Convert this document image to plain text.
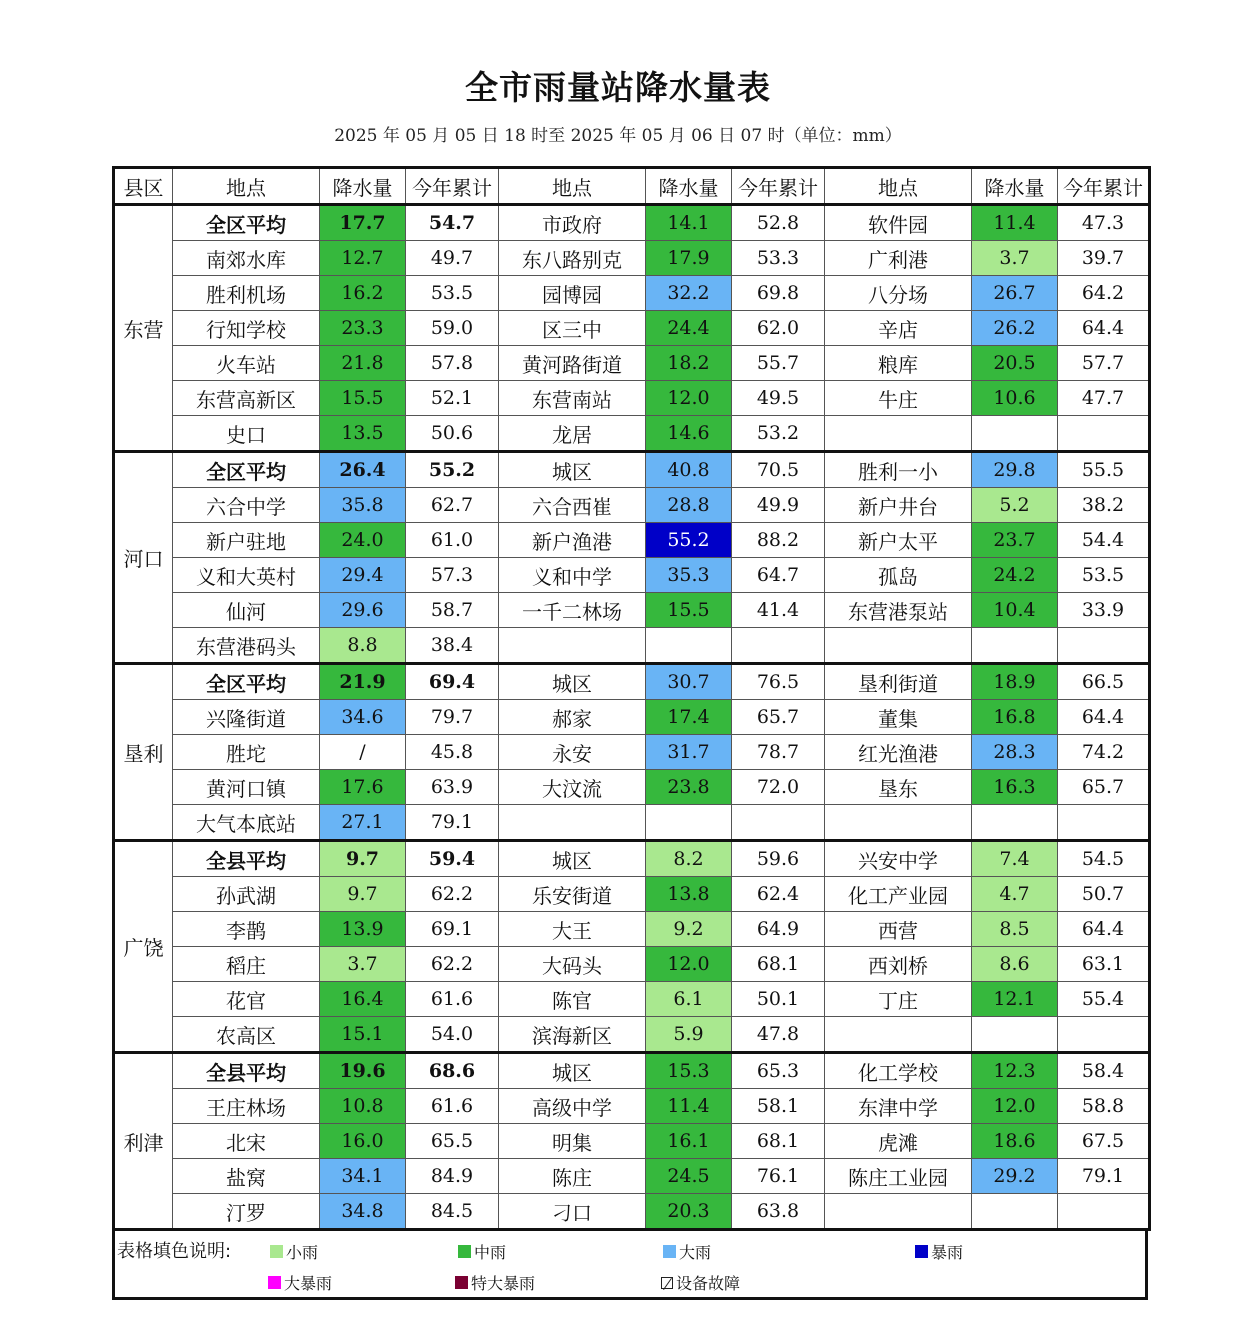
全市雨量站降水量表
2025 年 05 月 05 日 18 时至 2025 年 05 月 06 日 07 时（单位：mm）
县区	地点	降水量	今年累计	地点	降水量	今年累计	地点	降水量	今年累计
东营	全区平均	17.7	54.7	市政府	14.1	52.8	软件园	11.4	47.3
	南郊水库	12.7	49.7	东八路别克	17.9	53.3	广利港	3.7	39.7
	胜利机场	16.2	53.5	园博园	32.2	69.8	八分场	26.7	64.2
	行知学校	23.3	59.0	区三中	24.4	62.0	辛店	26.2	64.4
	火车站	21.8	57.8	黄河路街道	18.2	55.7	粮库	20.5	57.7
	东营高新区	15.5	52.1	东营南站	12.0	49.5	牛庄	10.6	47.7
	史口	13.5	50.6	龙居	14.6	53.2			
河口	全区平均	26.4	55.2	城区	40.8	70.5	胜利一小	29.8	55.5
	六合中学	35.8	62.7	六合西崔	28.8	49.9	新户井台	5.2	38.2
	新户驻地	24.0	61.0	新户渔港	55.2	88.2	新户太平	23.7	54.4
	义和大英村	29.4	57.3	义和中学	35.3	64.7	孤岛	24.2	53.5
	仙河	29.6	58.7	一千二林场	15.5	41.4	东营港泵站	10.4	33.9
	东营港码头	8.8	38.4						
垦利	全区平均	21.9	69.4	城区	30.7	76.5	垦利街道	18.9	66.5
	兴隆街道	34.6	79.7	郝家	17.4	65.7	董集	16.8	64.4
	胜坨	/	45.8	永安	31.7	78.7	红光渔港	28.3	74.2
	黄河口镇	17.6	63.9	大汶流	23.8	72.0	垦东	16.3	65.7
	大气本底站	27.1	79.1						
广饶	全县平均	9.7	59.4	城区	8.2	59.6	兴安中学	7.4	54.5
	孙武湖	9.7	62.2	乐安街道	13.8	62.4	化工产业园	4.7	50.7
	李鹊	13.9	69.1	大王	9.2	64.9	西营	8.5	64.4
	稻庄	3.7	62.2	大码头	12.0	68.1	西刘桥	8.6	63.1
	花官	16.4	61.6	陈官	6.1	50.1	丁庄	12.1	55.4
	农高区	15.1	54.0	滨海新区	5.9	47.8			
利津	全县平均	19.6	68.6	城区	15.3	65.3	化工学校	12.3	58.4
	王庄林场	10.8	61.6	高级中学	11.4	58.1	东津中学	12.0	58.8
	北宋	16.0	65.5	明集	16.1	68.1	虎滩	18.6	67.5
	盐窝	34.1	84.9	陈庄	24.5	76.1	陈庄工业园	29.2	79.1
	汀罗	34.8	84.5	刁口	20.3	63.8			
表格填色说明:	小雨	中雨	大雨	暴雨
大暴雨	特大暴雨	设备故障
